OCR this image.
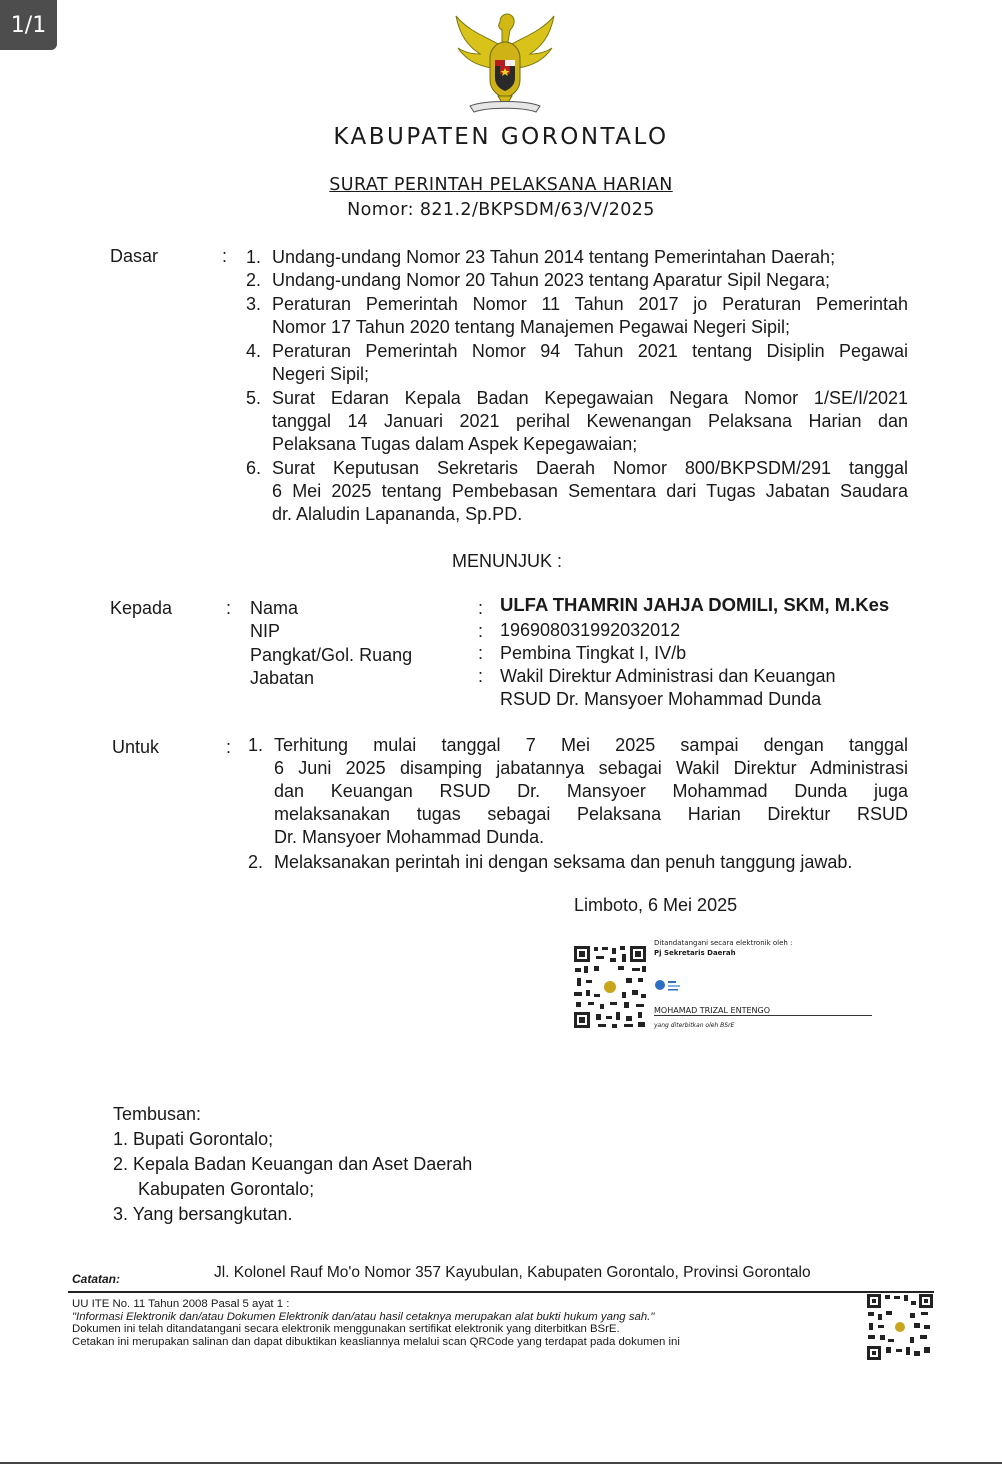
1/1
KABUPATEN GORONTALO
SURAT PERINTAH PELAKSANA HARIAN
Nomor: 821.2/BKPSDM/63/V/2025
Dasar	: 1. Undang-undang Nomor 23 Tahun 2014 tentang Pemerintahan Daerah;
2. Undang-undang Nomor 20 Tahun 2023 tentang Aparatur Sipil Negara;
3. Peraturan Pemerintah Nomor 11 Tahun 2017 jo Peraturan Pemerintah
Nomor 17 Tahun 2020 tentang Manajemen Pegawai Negeri Sipil;
4. Peraturan Pemerintah Nomor 94 Tahun 2021 tentang Disiplin Pegawai
Negeri Sipil;
5. Surat Edaran Kepala Badan Kepegawaian Negara Nomor 1/SE/I/2021
tanggal 14 Januari 2021 perihal Kewenangan Pelaksana Harian dan
Pelaksana Tugas dalam Aspek Kepegawaian;
6. Surat Keputusan Sekretaris Daerah Nomor 800/BKPSDM/291 tanggal
6 Mei 2025 tentang Pembebasan Sementara dari Tugas Jabatan Saudara
dr. Alaludin Lapananda, Sp.PD.
MENUNJUK :
Kepada	: Nama	: ULFA THAMRIN JAHJA DOMILI, SKM, M.Kes
NIP	: 196908031992032012
Pangkat/Gol. Ruang	: Pembina Tingkat I, IV/b
Jabatan	: Wakil Direktur Administrasi dan Keuangan
RSUD Dr. Mansyoer Mohammad Dunda
Untuk	: 1. Terhitung mulai tanggal 7 Mei 2025 sampai dengan tanggal
6 Juni 2025 disamping jabatannya sebagai Wakil Direktur Administrasi
dan Keuangan RSUD Dr. Mansyoer Mohammad Dunda juga
melaksanakan tugas sebagai Pelaksana Harian Direktur RSUD
Dr. Mansyoer Mohammad Dunda.
2. Melaksanakan perintah ini dengan seksama dan penuh tanggung jawab.
Limboto, 6 Mei 2025
Ditandatangani secara elektronik oleh :
Pj Sekretaris Daerah
MOHAMAD TRIZAL ENTENGO
yang diterbitkan oleh BSrE
Tembusan:
1. Bupati Gorontalo;
2. Kepala Badan Keuangan dan Aset Daerah
Kabupaten Gorontalo;
3. Yang bersangkutan.
Catatan:	Jl. Kolonel Rauf Mo'o Nomor 357 Kayubulan, Kabupaten Gorontalo, Provinsi Gorontalo
UU ITE No. 11 Tahun 2008 Pasal 5 ayat 1 :
"Informasi Elektronik dan/atau Dokumen Elektronik dan/atau hasil cetaknya merupakan alat bukti hukum yang sah."
Dokumen ini telah ditandatangani secara elektronik menggunakan sertifikat elektronik yang diterbitkan BSrE.
Cetakan ini merupakan salinan dan dapat dibuktikan keasliannya melalui scan QRCode yang terdapat pada dokumen ini
